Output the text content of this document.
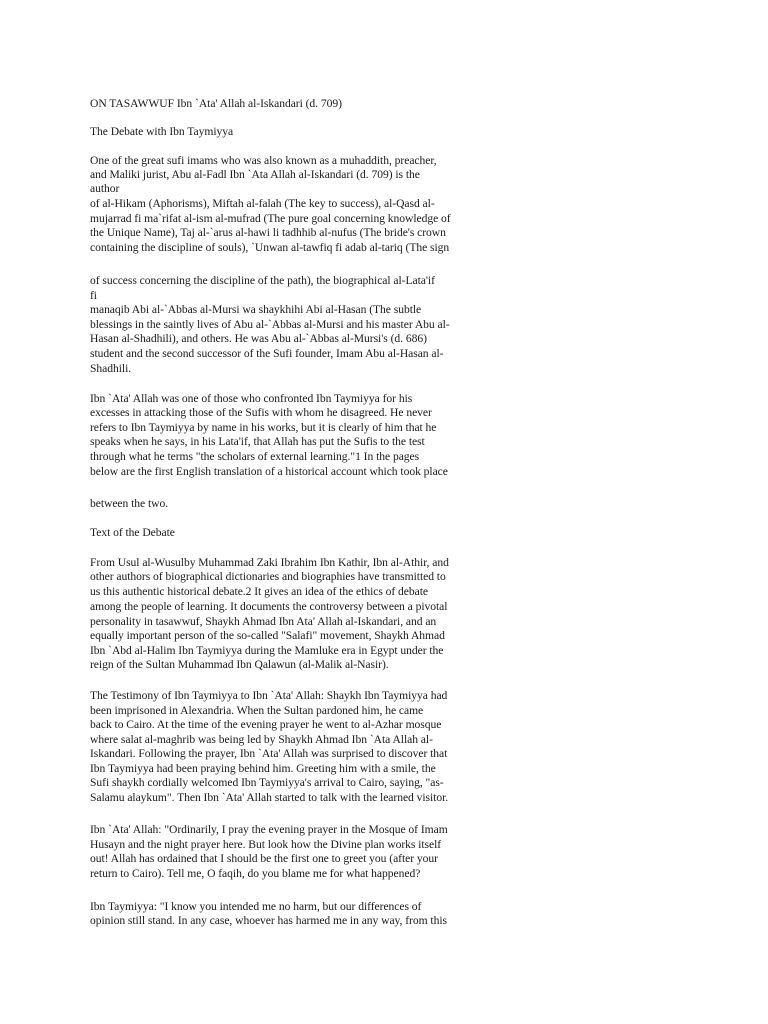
ON TASAWWUF Ibn `Ata' Allah al-Iskandari (d. 709)
The Debate with Ibn Taymiyya
One of the great sufi imams who was also known as a muhaddith, preacher,
and Maliki jurist, Abu al-Fadl Ibn `Ata Allah al-Iskandari (d. 709) is the
author
of al-Hikam (Aphorisms), Miftah al-falah (The key to success), al-Qasd al-
mujarrad fi ma`rifat al-ism al-mufrad (The pure goal concerning knowledge of
the Unique Name), Taj al-`arus al-hawi li tadhhib al-nufus (The bride's crown
containing the discipline of souls), `Unwan al-tawfiq fi adab al-tariq (The sign
of success concerning the discipline of the path), the biographical al-Lata'if
fi
manaqib Abi al-`Abbas al-Mursi wa shaykhihi Abi al-Hasan (The subtle
blessings in the saintly lives of Abu al-`Abbas al-Mursi and his master Abu al-
Hasan al-Shadhili), and others. He was Abu al-`Abbas al-Mursi's (d. 686)
student and the second successor of the Sufi founder, Imam Abu al-Hasan al-
Shadhili.
Ibn `Ata' Allah was one of those who confronted Ibn Taymiyya for his
excesses in attacking those of the Sufis with whom he disagreed. He never
refers to Ibn Taymiyya by name in his works, but it is clearly of him that he
speaks when he says, in his Lata'if, that Allah has put the Sufis to the test
through what he terms "the scholars of external learning."1 In the pages
below are the first English translation of a historical account which took place
between the two.
Text of the Debate
From Usul al-Wusulby Muhammad Zaki Ibrahim Ibn Kathir, Ibn al-Athir, and
other authors of biographical dictionaries and biographies have transmitted to
us this authentic historical debate.2 It gives an idea of the ethics of debate
among the people of learning. It documents the controversy between a pivotal
personality in tasawwuf, Shaykh Ahmad Ibn Ata' Allah al-Iskandari, and an
equally important person of the so-called "Salafi" movement, Shaykh Ahmad
Ibn `Abd al-Halim Ibn Taymiyya during the Mamluke era in Egypt under the
reign of the Sultan Muhammad Ibn Qalawun (al-Malik al-Nasir).
The Testimony of Ibn Taymiyya to Ibn `Ata' Allah: Shaykh Ibn Taymiyya had
been imprisoned in Alexandria. When the Sultan pardoned him, he came
back to Cairo. At the time of the evening prayer he went to al-Azhar mosque
where salat al-maghrib was being led by Shaykh Ahmad Ibn `Ata Allah al-
Iskandari. Following the prayer, Ibn `Ata' Allah was surprised to discover that
Ibn Taymiyya had been praying behind him. Greeting him with a smile, the
Sufi shaykh cordially welcomed Ibn Taymiyya's arrival to Cairo, saying, "as-
Salamu alaykum". Then Ibn `Ata' Allah started to talk with the learned visitor.
Ibn `Ata' Allah: "Ordinarily, I pray the evening prayer in the Mosque of Imam
Husayn and the night prayer here. But look how the Divine plan works itself
out! Allah has ordained that I should be the first one to greet you (after your
return to Cairo). Tell me, O faqih, do you blame me for what happened?
Ibn Taymiyya: "I know you intended me no harm, but our differences of
opinion still stand. In any case, whoever has harmed me in any way, from this
